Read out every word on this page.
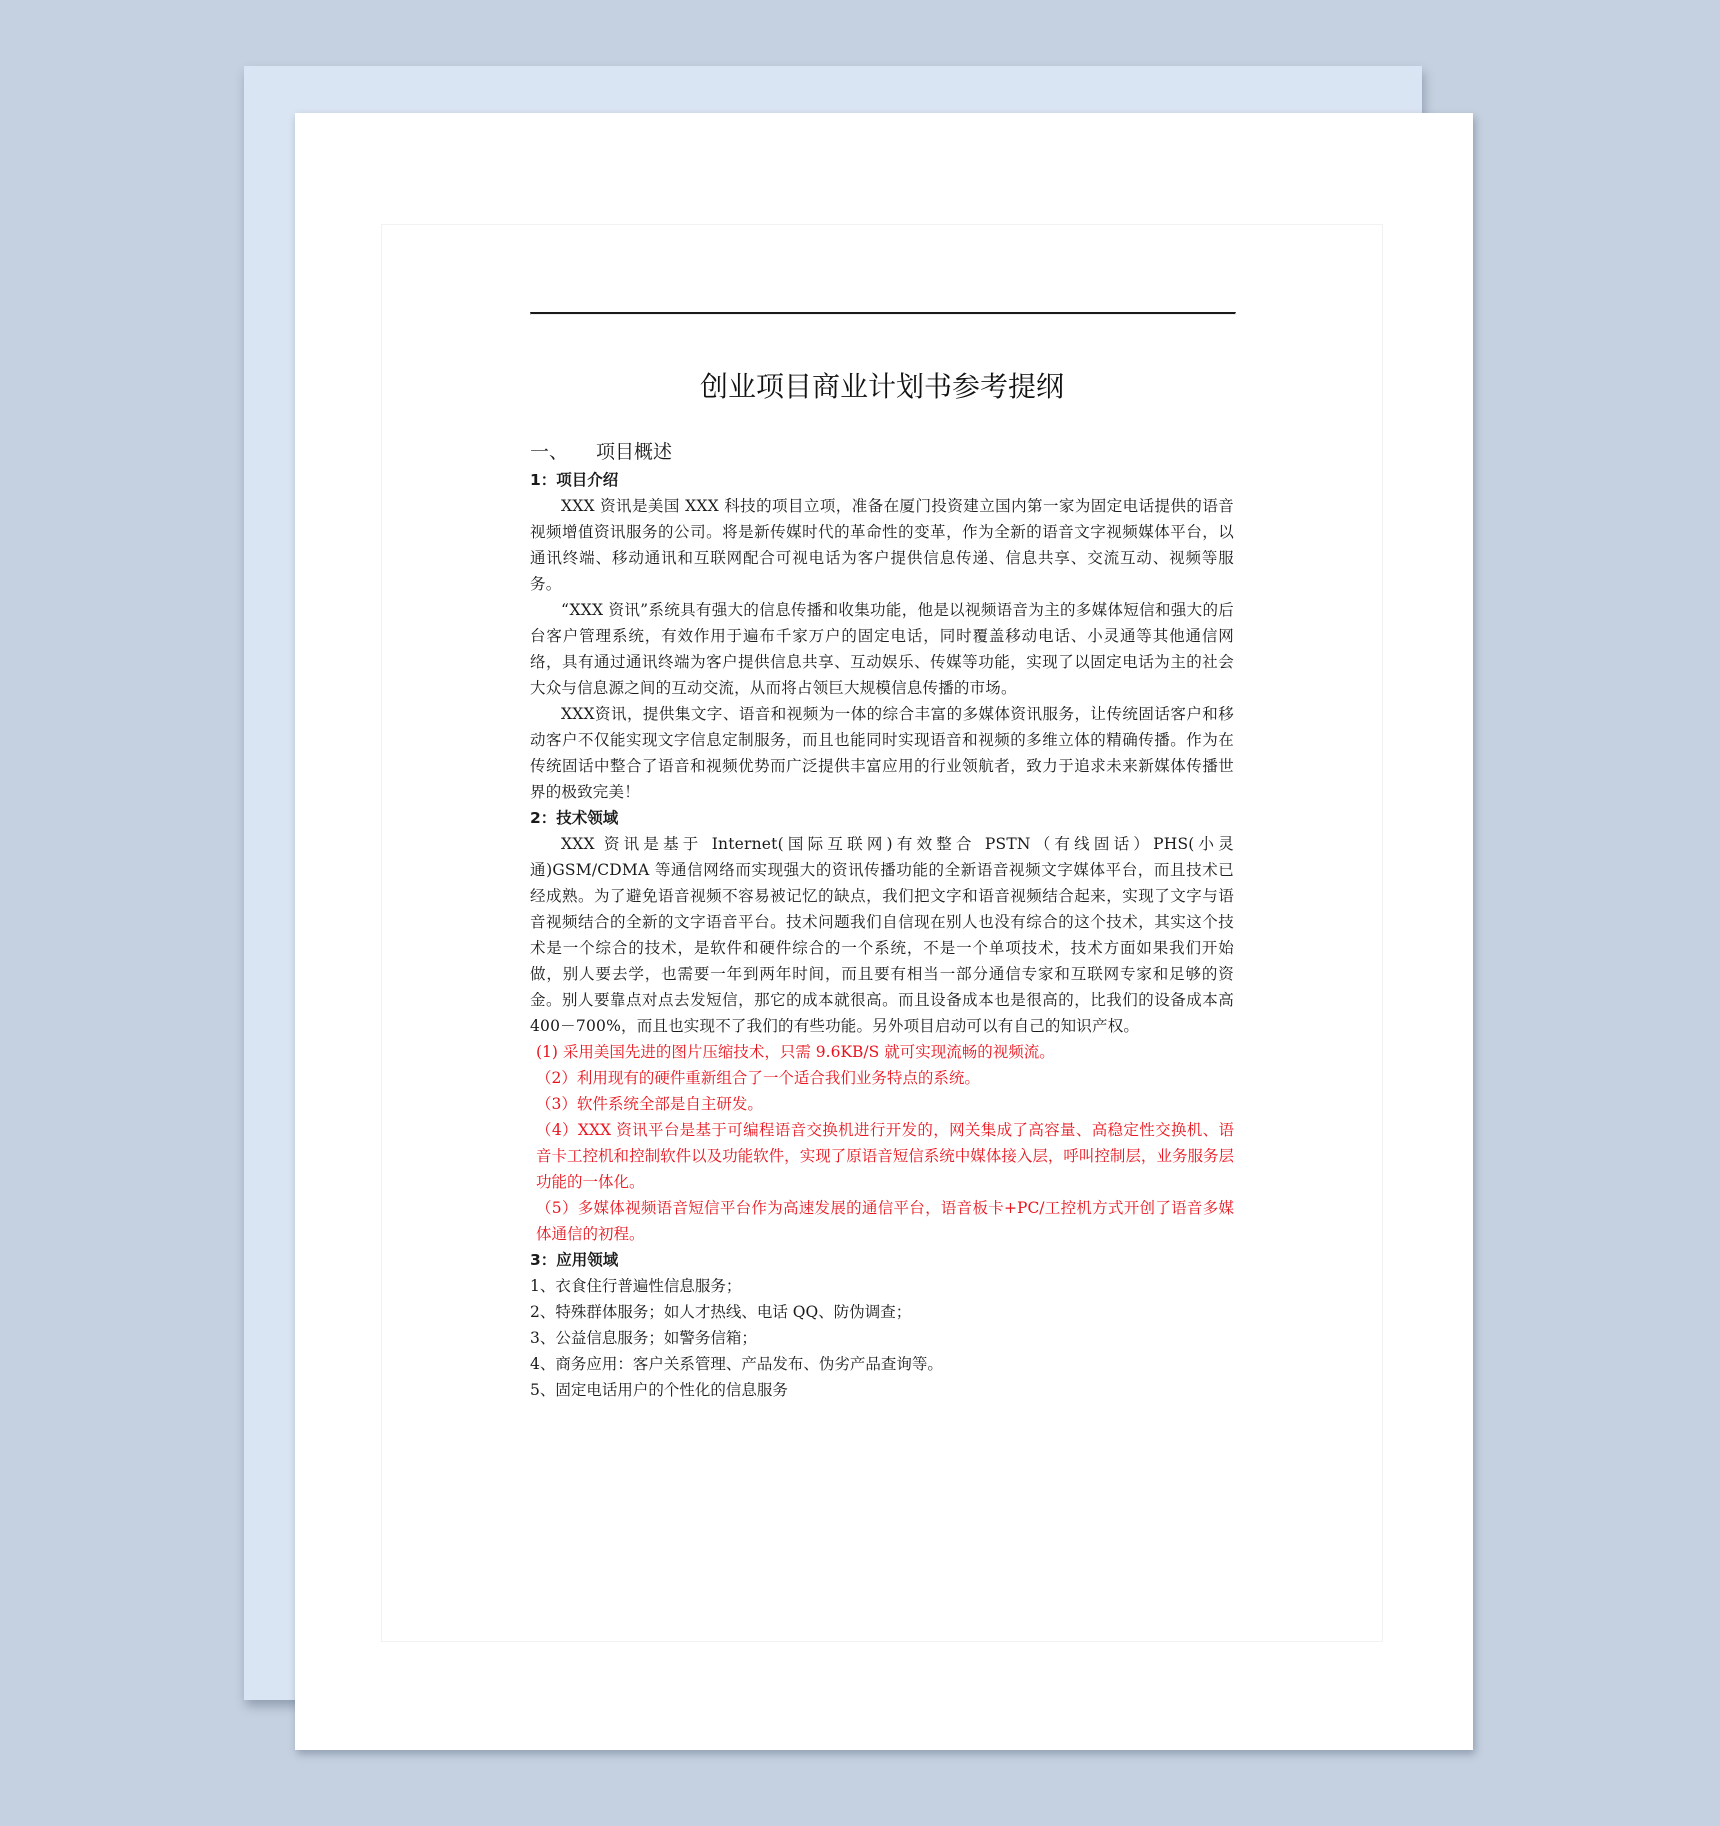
创业项目商业计划书参考提纲
一、 项目概述
1：项目介绍

XXX 资讯是美国 XXX 科技的项目立项，准备在厦门投资建立国内第一家为固定电话提供的语音视频增值资讯服务的公司。将是新传媒时代的革命性的变革，作为全新的语音文字视频媒体平台，以通讯终端、移动通讯和互联网配合可视电话为客户提供信息传递、信息共享、交流互动、视频等服务。

“XXX 资讯”系统具有强大的信息传播和收集功能，他是以视频语音为主的多媒体短信和强大的后台客户管理系统，有效作用于遍布千家万户的固定电话，同时覆盖移动电话、小灵通等其他通信网络，具有通过通讯终端为客户提供信息共享、互动娱乐、传媒等功能，实现了以固定电话为主的社会大众与信息源之间的互动交流，从而将占领巨大规模信息传播的市场。

XXX资讯，提供集文字、语音和视频为一体的综合丰富的多媒体资讯服务，让传统固话客户和移动客户不仅能实现文字信息定制服务，而且也能同时实现语音和视频的多维立体的精确传播。作为在传统固话中整合了语音和视频优势而广泛提供丰富应用的行业领航者，致力于追求未来新媒体传播世界的极致完美！

2：技术领域

XXX 资讯是基于 Internet(国际互联网)有效整合 PSTN（有线固话）PHS(小灵通)GSM/CDMA 等通信网络而实现强大的资讯传播功能的全新语音视频文字媒体平台，而且技术已经成熟。为了避免语音视频不容易被记忆的缺点，我们把文字和语音视频结合起来，实现了文字与语音视频结合的全新的文字语音平台。技术问题我们自信现在别人也没有综合的这个技术，其实这个技术是一个综合的技术，是软件和硬件综合的一个系统，不是一个单项技术，技术方面如果我们开始做，别人要去学，也需要一年到两年时间，而且要有相当一部分通信专家和互联网专家和足够的资金。别人要靠点对点去发短信，那它的成本就很高。而且设备成本也是很高的，比我们的设备成本高 400－700%，而且也实现不了我们的有些功能。另外项目启动可以有自己的知识产权。

(1) 采用美国先进的图片压缩技术，只需 9.6KB/S 就可实现流畅的视频流。
（2）利用现有的硬件重新组合了一个适合我们业务特点的系统。
（3）软件系统全部是自主研发。
（4）XXX 资讯平台是基于可编程语音交换机进行开发的，网关集成了高容量、高稳定性交换机、语音卡工控机和控制软件以及功能软件，实现了原语音短信系统中媒体接入层，呼叫控制层，业务服务层功能的一体化。
（5）多媒体视频语音短信平台作为高速发展的通信平台，语音板卡+PC/工控机方式开创了语音多媒体通信的初程。
3：应用领域
1、衣食住行普遍性信息服务；
2、特殊群体服务；如人才热线、电话 QQ、防伪调查；
3、公益信息服务；如警务信箱；
4、商务应用：客户关系管理、产品发布、伪劣产品查询等。
5、固定电话用户的个性化的信息服务
